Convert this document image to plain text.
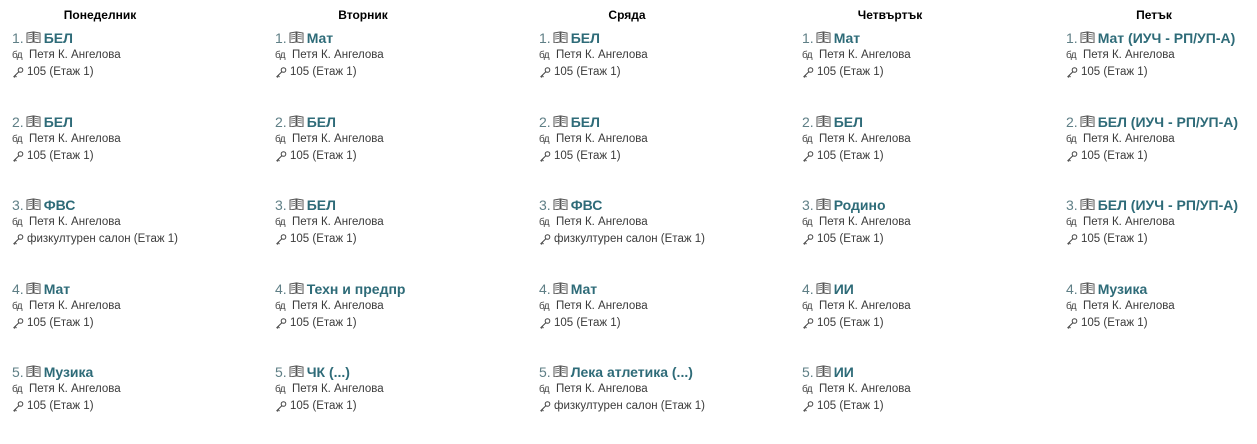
Понеделник
1. БЕЛ
бд Петя К. Ангелова
105 (Етаж 1)
2. БЕЛ
бд Петя К. Ангелова
105 (Етаж 1)
3. ФВС
бд Петя К. Ангелова
физкултурен салон (Етаж 1)
4. Мат
бд Петя К. Ангелова
105 (Етаж 1)
5. Музика
бд Петя К. Ангелова
105 (Етаж 1)
Вторник
1. Мат
бд Петя К. Ангелова
105 (Етаж 1)
2. БЕЛ
бд Петя К. Ангелова
105 (Етаж 1)
3. БЕЛ
бд Петя К. Ангелова
105 (Етаж 1)
4. Техн и предпр
бд Петя К. Ангелова
105 (Етаж 1)
5. ЧК (...)
бд Петя К. Ангелова
105 (Етаж 1)
Сряда
1. БЕЛ
бд Петя К. Ангелова
105 (Етаж 1)
2. БЕЛ
бд Петя К. Ангелова
105 (Етаж 1)
3. ФВС
бд Петя К. Ангелова
физкултурен салон (Етаж 1)
4. Мат
бд Петя К. Ангелова
105 (Етаж 1)
5. Лека атлетика (...)
бд Петя К. Ангелова
физкултурен салон (Етаж 1)
Четвъртък
1. Мат
бд Петя К. Ангелова
105 (Етаж 1)
2. БЕЛ
бд Петя К. Ангелова
105 (Етаж 1)
3. Родино
бд Петя К. Ангелова
105 (Етаж 1)
4. ИИ
бд Петя К. Ангелова
105 (Етаж 1)
5. ИИ
бд Петя К. Ангелова
105 (Етаж 1)
Петък
1. Мат (ИУЧ - РП/УП-А)
бд Петя К. Ангелова
105 (Етаж 1)
2. БЕЛ (ИУЧ - РП/УП-А)
бд Петя К. Ангелова
105 (Етаж 1)
3. БЕЛ (ИУЧ - РП/УП-А)
бд Петя К. Ангелова
105 (Етаж 1)
4. Музика
бд Петя К. Ангелова
105 (Етаж 1)
